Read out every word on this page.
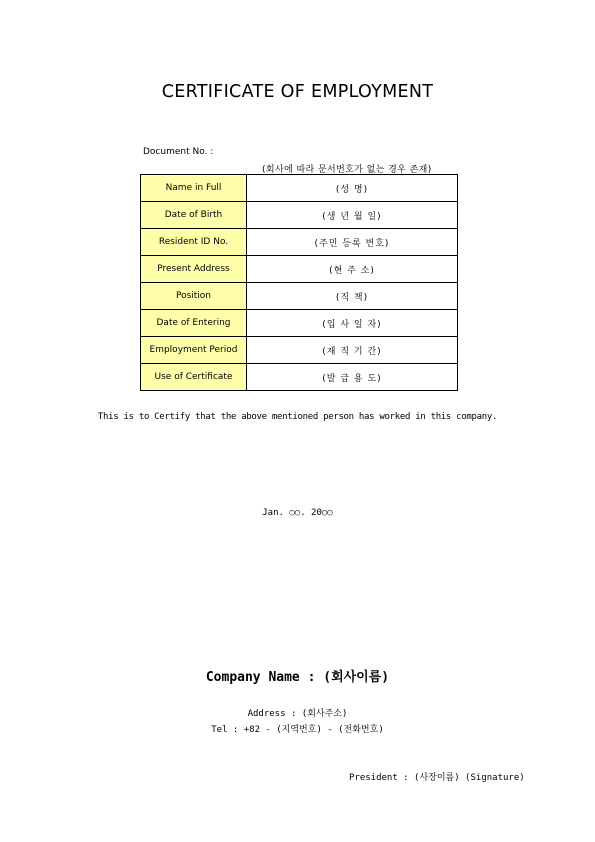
CERTIFICATE OF EMPLOYMENT
Document No. :
(회사에 따라 문서번호가 없는 경우 존재)
Name in Full	(성 명)
Date of Birth	(생 년 월 일)
Resident ID No.	(주민 등록 번호)
Present Address	(현 주 소)
Position	(직 책)
Date of Entering	(입 사 일 자)
Employment Period	(재 직 기 간)
Use of Certificate	(발 급 용 도)
This is to Certify that the above mentioned person has worked in this company.
Jan. ○○. 20○○
Company Name : (회사이름)
Address : (회사주소)
Tel : +82 - (지역번호) - (전화번호)
President : (사장이름) (Signature)
